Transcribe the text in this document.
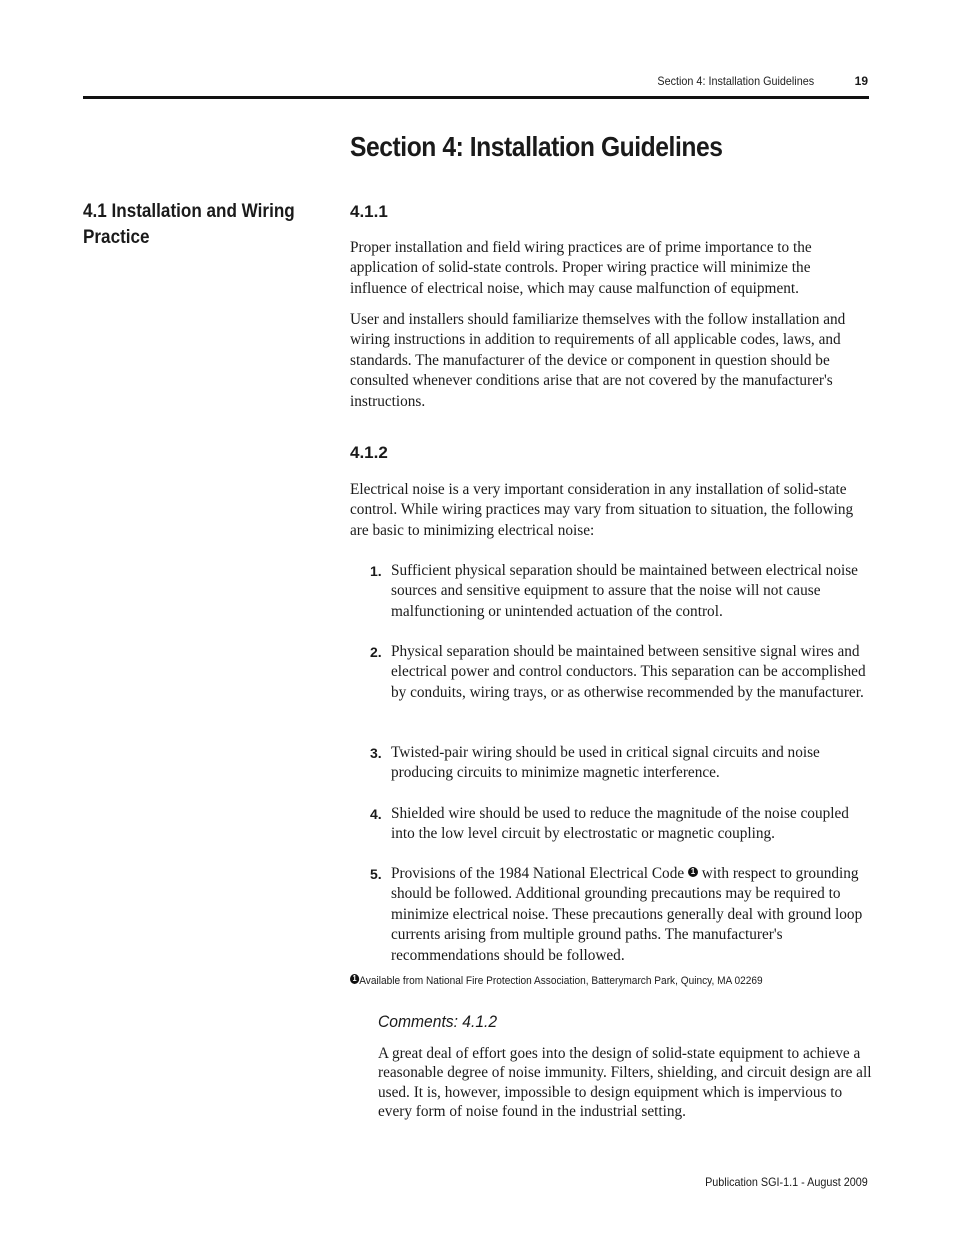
Section 4: Installation Guidelines	19
Section 4: Installation Guidelines
4.1 Installation and Wiring Practice
4.1.1

Proper installation and field wiring practices are of prime importance to the application of solid-state controls. Proper wiring practice will minimize the influence of electrical noise, which may cause malfunction of equipment.

User and installers should familiarize themselves with the follow installation and wiring instructions in addition to requirements of all applicable codes, laws, and standards. The manufacturer of the device or component in question should be consulted whenever conditions arise that are not covered by the manufacturer's instructions.

4.1.2

Electrical noise is a very important consideration in any installation of solid-state control. While wiring practices may vary from situation to situation, the following are basic to minimizing electrical noise:

1. Sufficient physical separation should be maintained between electrical noise sources and sensitive equipment to assure that the noise will not cause malfunctioning or unintended actuation of the control.
2. Physical separation should be maintained between sensitive signal wires and electrical power and control conductors. This separation can be accomplished by conduits, wiring trays, or as otherwise recommended by the manufacturer.
3. Twisted-pair wiring should be used in critical signal circuits and noise producing circuits to minimize magnetic interference.
4. Shielded wire should be used to reduce the magnitude of the noise coupled into the low level circuit by electrostatic or magnetic coupling.
5. Provisions of the 1984 National Electrical Code 1 with respect to grounding should be followed. Additional grounding precautions may be required to minimize electrical noise. These precautions generally deal with ground loop currents arising from multiple ground paths. The manufacturer's recommendations should be followed.
1 Available from National Fire Protection Association, Batterymarch Park, Quincy, MA 02269
Comments: 4.1.2

A great deal of effort goes into the design of solid-state equipment to achieve a reasonable degree of noise immunity. Filters, shielding, and circuit design are all used. It is, however, impossible to design equipment which is impervious to every form of noise found in the industrial setting.

Publication SGI-1.1 - August 2009
